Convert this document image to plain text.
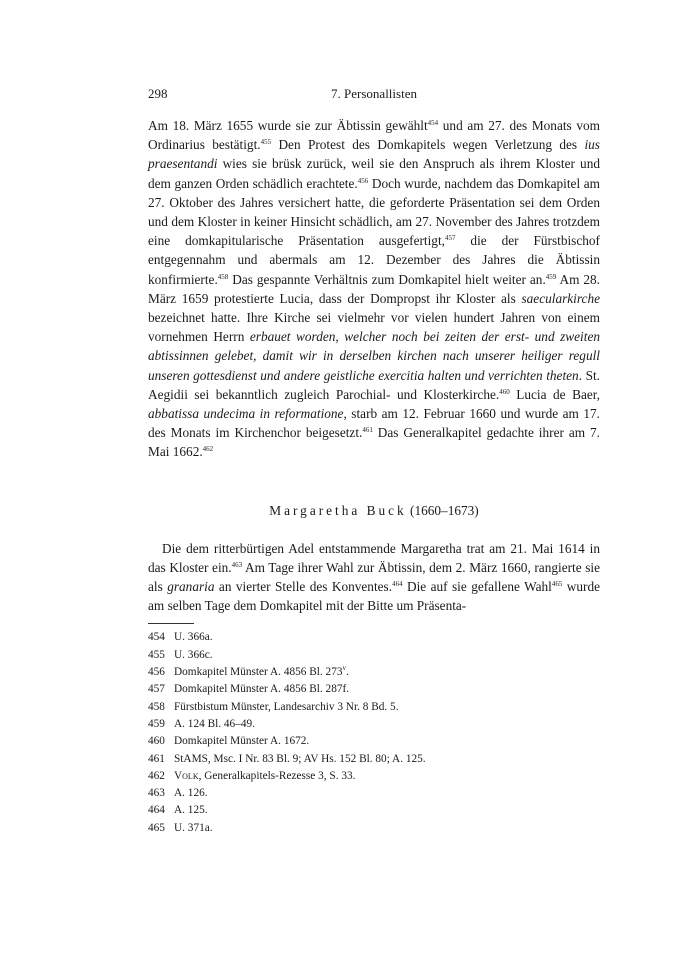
298	7. Personallisten

Am 18. März 1655 wurde sie zur Äbtissin gewählt$^{454}$ und am 27. des Monats vom Ordinarius bestätigt.$^{455}$ Den Protest des Domkapitels wegen Verletzung des ius praesentandi wies sie brüsk zurück, weil sie den Anspruch als ihrem Kloster und dem ganzen Orden schädlich erachtete.$^{456}$ Doch wurde, nachdem das Domkapitel am 27. Oktober des Jahres versichert hatte, die geforderte Präsentation sei dem Orden und dem Kloster in keiner Hinsicht schädlich, am 27. November des Jahres trotzdem eine domkapitularische Präsentation ausgefertigt,$^{457}$ die der Fürstbischof entgegennahm und abermals am 12. Dezember des Jahres die Äbtissin konfirmierte.$^{458}$ Das gespannte Verhältnis zum Domkapitel hielt weiter an.$^{459}$ Am 28. März 1659 protestierte Lucia, dass der Dompropst ihr Kloster als saecularkirche bezeichnet hatte. Ihre Kirche sei vielmehr vor vielen hundert Jahren von einem vornehmen Herrn erbauet worden, welcher noch bei zeiten der erst- und zweiten abtissinnen gelebet, damit wir in derselben kirchen nach unserer heiliger regull unseren gottesdienst und andere geistliche exercitia halten und verrichten theten. St. Aegidii sei bekanntlich zugleich Parochial- und Klosterkirche.$^{460}$ Lucia de Baer, abbatissa undecima in reformatione, starb am 12. Februar 1660 und wurde am 17. des Monats im Kirchenchor beigesetzt.$^{461}$ Das Generalkapitel gedachte ihrer am 7. Mai 1662.$^{462}$

Margaretha Buck (1660–1673)

Die dem ritterbürtigen Adel entstammende Margaretha trat am 21. Mai 1614 in das Kloster ein.$^{463}$ Am Tage ihrer Wahl zur Äbtissin, dem 2. März 1660, rangierte sie als granaria an vierter Stelle des Konventes.$^{464}$ Die auf sie gefallene Wahl$^{465}$ wurde am selben Tage dem Domkapitel mit der Bitte um Präsenta-

454 U. 366a.
455 U. 366c.
456 Domkapitel Münster A. 4856 Bl. 273$^v$.
457 Domkapitel Münster A. 4856 Bl. 287f.
458 Fürstbistum Münster, Landesarchiv 3 Nr. 8 Bd. 5.
459 A. 124 Bl. 46–49.
460 Domkapitel Münster A. 1672.
461 StAMS, Msc. I Nr. 83 Bl. 9; AV Hs. 152 Bl. 80; A. 125.
462 Volk, Generalkapitels-Rezesse 3, S. 33.
463 A. 126.
464 A. 125.
465 U. 371a.
